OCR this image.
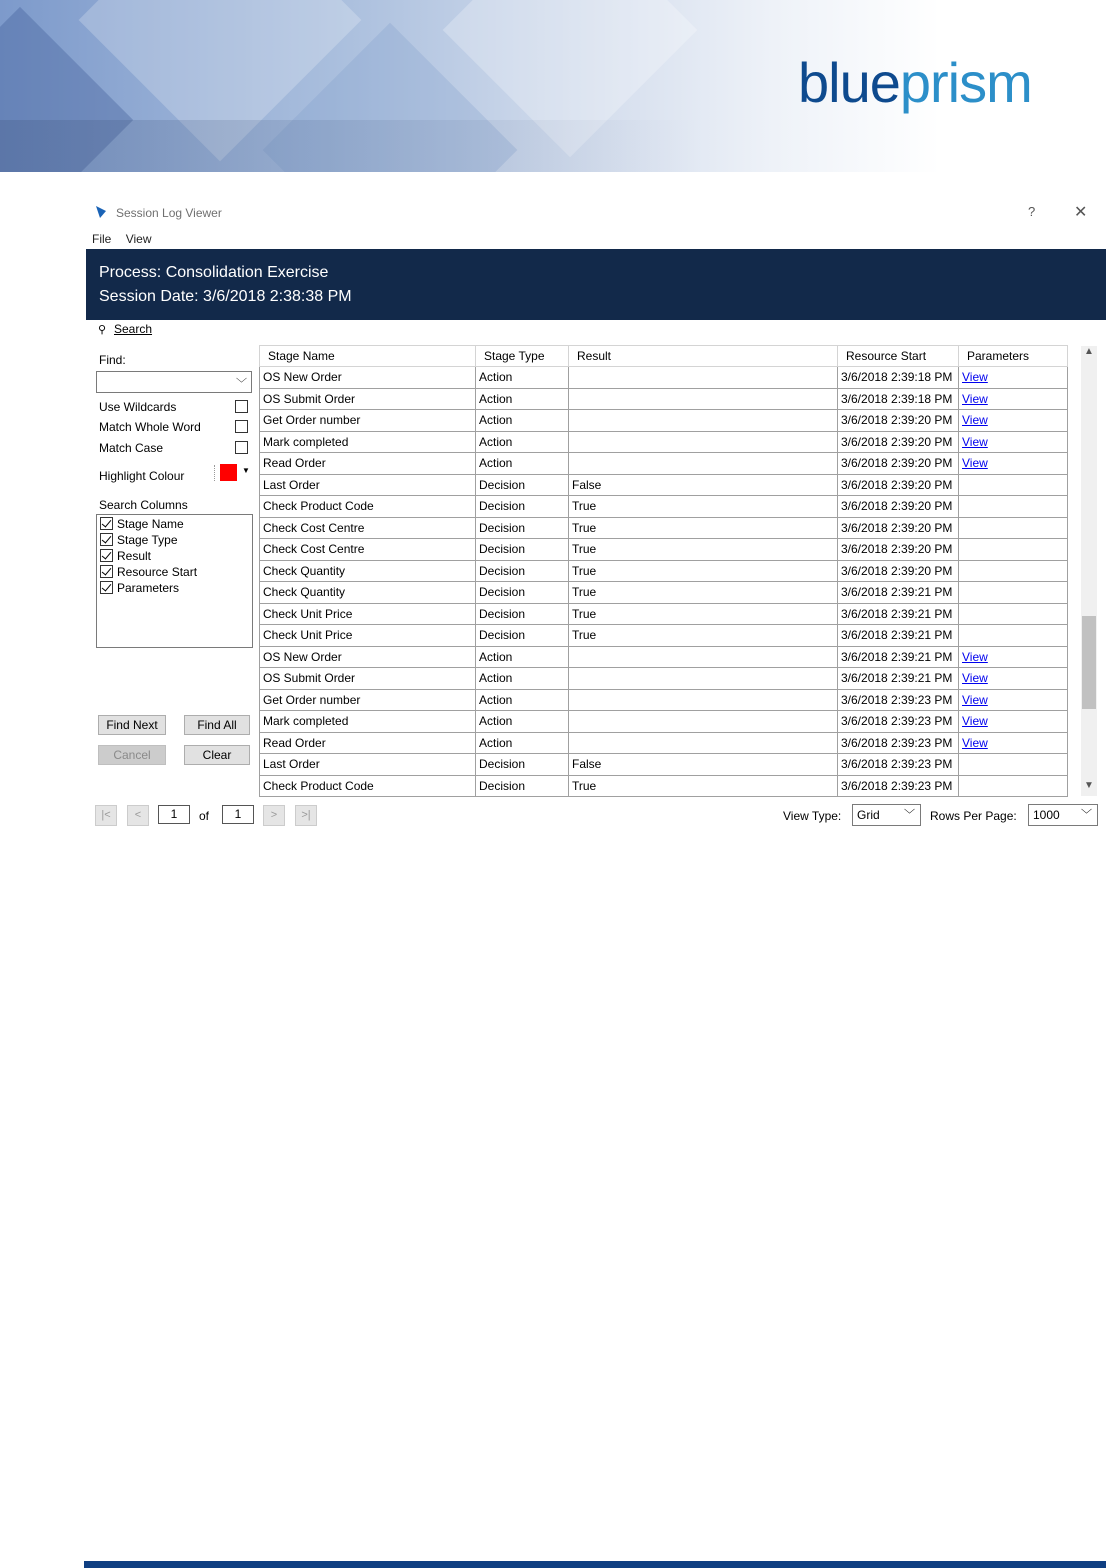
blueprism
Session Log Viewer	? ✕
File View
Process: Consolidation Exercise
Session Date: 3/6/2018 2:38:38 PM
⚲ Search
Find:
﹀
Use Wildcards
Match Whole Word
Match Case
Highlight Colour	▼
Search Columns
Stage Name
Stage Type
Result
Resource Start
Parameters
Find Next	Find All
Cancel	Clear
Stage Name	Stage Type	Result	Resource Start	Parameters
OS New Order	Action		3/6/2018 2:39:18 PM	View
OS Submit Order	Action		3/6/2018 2:39:18 PM	View
Get Order number	Action		3/6/2018 2:39:20 PM	View
Mark completed	Action		3/6/2018 2:39:20 PM	View
Read Order	Action		3/6/2018 2:39:20 PM	View
Last Order	Decision	False	3/6/2018 2:39:20 PM	
Check Product Code	Decision	True	3/6/2018 2:39:20 PM	
Check Cost Centre	Decision	True	3/6/2018 2:39:20 PM	
Check Cost Centre	Decision	True	3/6/2018 2:39:20 PM	
Check Quantity	Decision	True	3/6/2018 2:39:20 PM	
Check Quantity	Decision	True	3/6/2018 2:39:21 PM	
Check Unit Price	Decision	True	3/6/2018 2:39:21 PM	
Check Unit Price	Decision	True	3/6/2018 2:39:21 PM	
OS New Order	Action		3/6/2018 2:39:21 PM	View
OS Submit Order	Action		3/6/2018 2:39:21 PM	View
Get Order number	Action		3/6/2018 2:39:23 PM	View
Mark completed	Action		3/6/2018 2:39:23 PM	View
Read Order	Action		3/6/2018 2:39:23 PM	View
Last Order	Decision	False	3/6/2018 2:39:23 PM	
Check Product Code	Decision	True	3/6/2018 2:39:23 PM	
▲
▼
|<	<	1	of	1	>	>|	View Type:	Grid ﹀ Rows Per Page:	1000 ﹀
